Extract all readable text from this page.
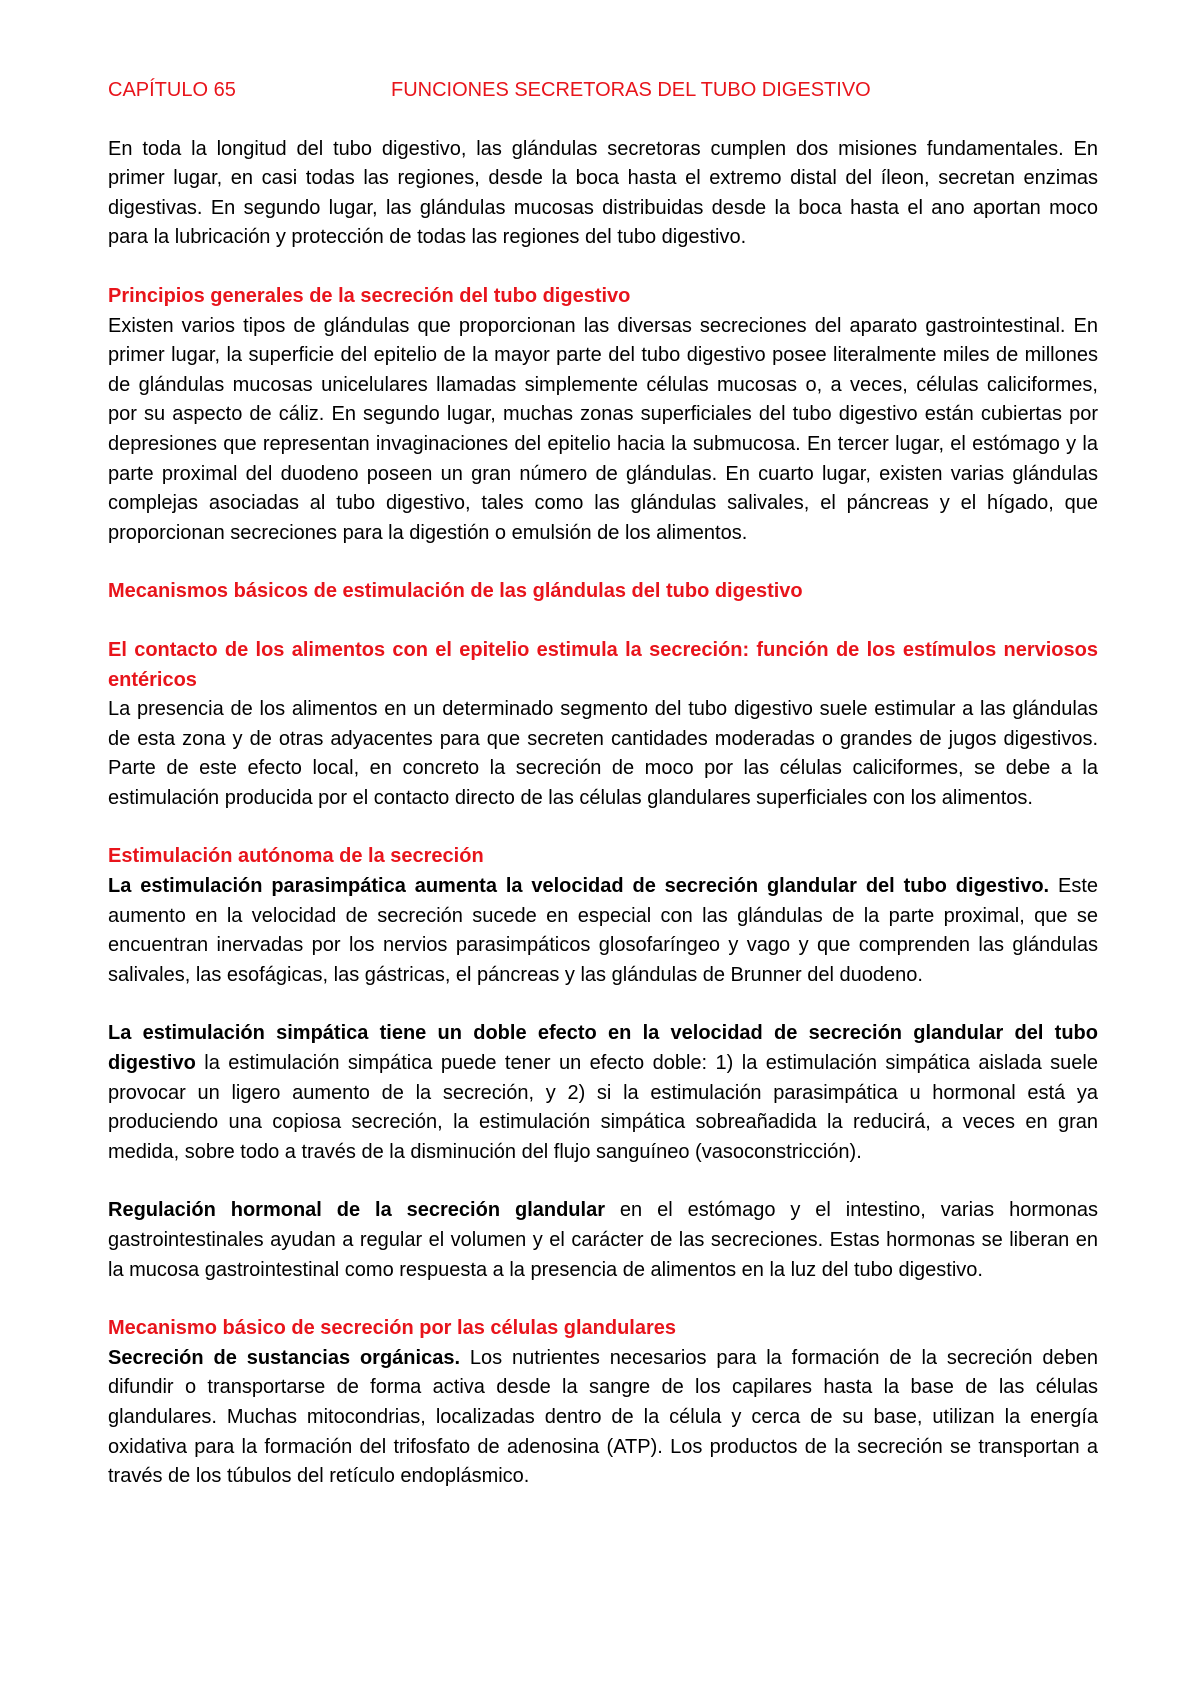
CAPÍTULO 65	FUNCIONES SECRETORAS DEL TUBO DIGESTIVO

En toda la longitud del tubo digestivo, las glándulas secretoras cumplen dos misiones fundamentales. En primer lugar, en casi todas las regiones, desde la boca hasta el extremo distal del íleon, secretan enzimas digestivas. En segundo lugar, las glándulas mucosas distribuidas desde la boca hasta el ano aportan moco para la lubricación y protección de todas las regiones del tubo digestivo.

Principios generales de la secreción del tubo digestivo

Existen varios tipos de glándulas que proporcionan las diversas secreciones del aparato gastrointestinal. En primer lugar, la superficie del epitelio de la mayor parte del tubo digestivo posee literalmente miles de millones de glándulas mucosas unicelulares llamadas simplemente células mucosas o, a veces, células caliciformes, por su aspecto de cáliz. En segundo lugar, muchas zonas superficiales del tubo digestivo están cubiertas por depresiones que representan invaginaciones del epitelio hacia la submucosa. En tercer lugar, el estómago y la parte proximal del duodeno poseen un gran número de glándulas. En cuarto lugar, existen varias glándulas complejas asociadas al tubo digestivo, tales como las glándulas salivales, el páncreas y el hígado, que proporcionan secreciones para la digestión o emulsión de los alimentos.

Mecanismos básicos de estimulación de las glándulas del tubo digestivo
El contacto de los alimentos con el epitelio estimula la secreción: función de los estímulos nerviosos entéricos

La presencia de los alimentos en un determinado segmento del tubo digestivo suele estimular a las glándulas de esta zona y de otras adyacentes para que secreten cantidades moderadas o grandes de jugos digestivos. Parte de este efecto local, en concreto la secreción de moco por las células caliciformes, se debe a la estimulación producida por el contacto directo de las células glandulares superficiales con los alimentos.

Estimulación autónoma de la secreción

La estimulación parasimpática aumenta la velocidad de secreción glandular del tubo digestivo. Este aumento en la velocidad de secreción sucede en especial con las glándulas de la parte proximal, que se encuentran inervadas por los nervios parasimpáticos glosofaríngeo y vago y que comprenden las glándulas salivales, las esofágicas, las gástricas, el páncreas y las glándulas de Brunner del duodeno.

La estimulación simpática tiene un doble efecto en la velocidad de secreción glandular del tubo digestivo la estimulación simpática puede tener un efecto doble: 1) la estimulación simpática aislada suele provocar un ligero aumento de la secreción, y 2) si la estimulación parasimpática u hormonal está ya produciendo una copiosa secreción, la estimulación simpática sobreañadida la reducirá, a veces en gran medida, sobre todo a través de la disminución del flujo sanguíneo (vasoconstricción).

Regulación hormonal de la secreción glandular en el estómago y el intestino, varias hormonas gastrointestinales ayudan a regular el volumen y el carácter de las secreciones. Estas hormonas se liberan en la mucosa gastrointestinal como respuesta a la presencia de alimentos en la luz del tubo digestivo.

Mecanismo básico de secreción por las células glandulares

Secreción de sustancias orgánicas. Los nutrientes necesarios para la formación de la secreción deben difundir o transportarse de forma activa desde la sangre de los capilares hasta la base de las células glandulares. Muchas mitocondrias, localizadas dentro de la célula y cerca de su base, utilizan la energía oxidativa para la formación del trifosfato de adenosina (ATP). Los productos de la secreción se transportan a través de los túbulos del retículo endoplásmico.
